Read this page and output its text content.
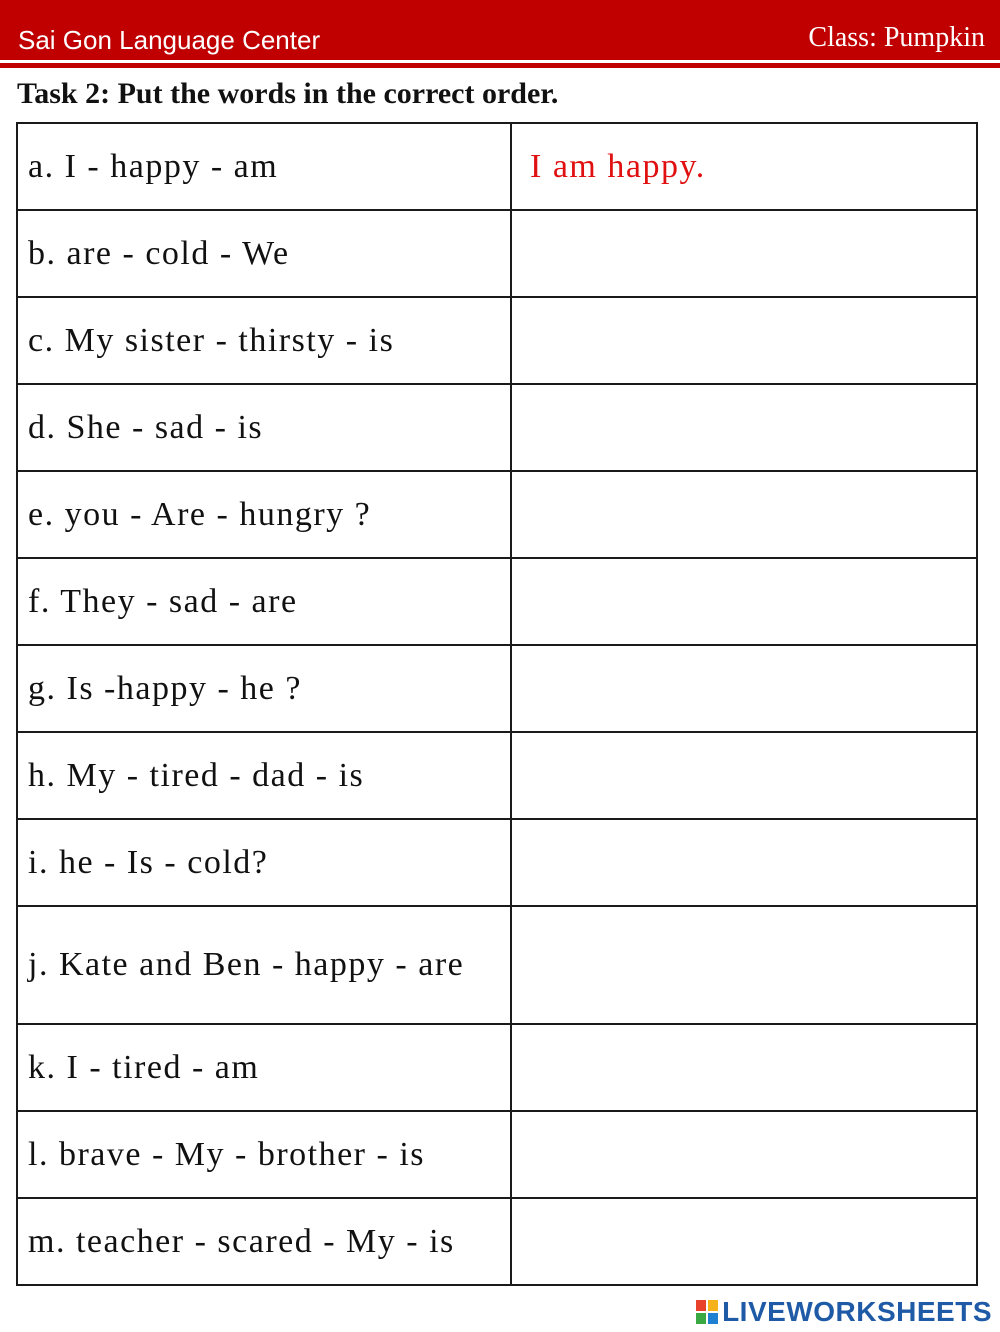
Sai Gon Language Center	Class: Pumpkin
Task 2: Put the words in the correct order.
a. I - happy - am	I am happy.
b. are - cold - We	
c. My sister - thirsty - is	
d. She - sad - is	
e. you - Are - hungry ?	
f. They - sad - are	
g. Is -happy - he ?	
h. My - tired - dad - is	
i. he - Is - cold?	
j. Kate and Ben - happy - are	
k. I - tired - am	
l. brave - My - brother - is	
m. teacher - scared - My - is	
LIVEWORKSHEETS
